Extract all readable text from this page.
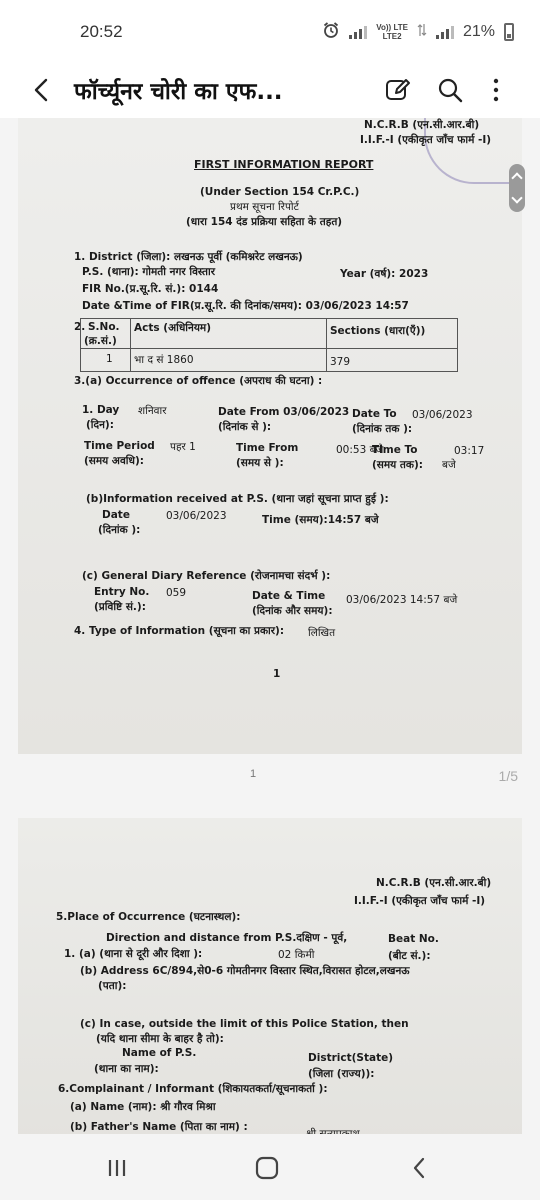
20:52	Vo)) LTE
LTE2	21%
फॉर्च्यूनर चोरी का एफ...
N.C.R.B (एन.सी.आर.बी)
I.I.F.-I (एकीकृत जाँच फार्म -I)
FIRST INFORMATION REPORT
(Under Section 154 Cr.P.C.)
प्रथम सूचना रिपोर्ट
(धारा 154 दंड प्रक्रिया सहिता के तहत)
1. District (जिला): लखनऊ पूर्वी (कमिश्नरेट लखनऊ)
P.S. (थाना): गोमती नगर विस्तार	Year (वर्ष): 2023
FIR No.(प्र.सू.रि. सं.): 0144
Date &Time of FIR(प्र.सू.रि. की दिनांक/समय): 03/06/2023 14:57
2. S.No.
(क्र.सं.)
Acts (अधिनियम)	Sections (धारा(एँ))
1 भा द सं 1860	379
3.(a) Occurrence of offence (अपराध की घटना) :
1. Day शनिवार
(दिन):
Date From 03/06/2023
(दिनांक से ):
Date To 03/06/2023
(दिनांक तक ):
Time Period पहर 1
(समय अवधि):
Time From	00:53 बजे
(समय से ):
Time To	03:17
(समय तक): बजे
(b)Information received at P.S. (थाना जहां सूचना प्राप्त हुई ):
Date	03/06/2023
(दिनांक ):
Time (समय):14:57 बजे
(c) General Diary Reference (रोजनामचा संदर्भ ):
Entry No. 059
(प्रविष्टि सं.):
Date & Time 03/06/2023 14:57 बजे
(दिनांक और समय):
4. Type of Information (सूचना का प्रकार): लिखित
1
1	1/5
N.C.R.B (एन.सी.आर.बी)
I.I.F.-I (एकीकृत जाँच फार्म -I)
5.Place of Occurrence (घटनास्थल):
Direction and distance from P.S.दक्षिण - पूर्व,	Beat No.
1. (a) (थाना से दूरी और दिशा ):	02 किमी	(बीट सं.):
(b) Address 6C/894,से0-6 गोमतीनगर विस्तार स्थित,विरासत होटल,लखनऊ
(पता):
(c) In case, outside the limit of this Police Station, then
(यदि थाना सीमा के बाहर है तो):
Name of P.S.
(थाना का नाम):
District(State)
(जिला (राज्य)):
6.Complainant / Informant (शिकायतकर्ता/सूचनाकर्ता ):
(a) Name (नाम): श्री गौरव मिश्रा
(b) Father's Name (पिता का नाम) :
